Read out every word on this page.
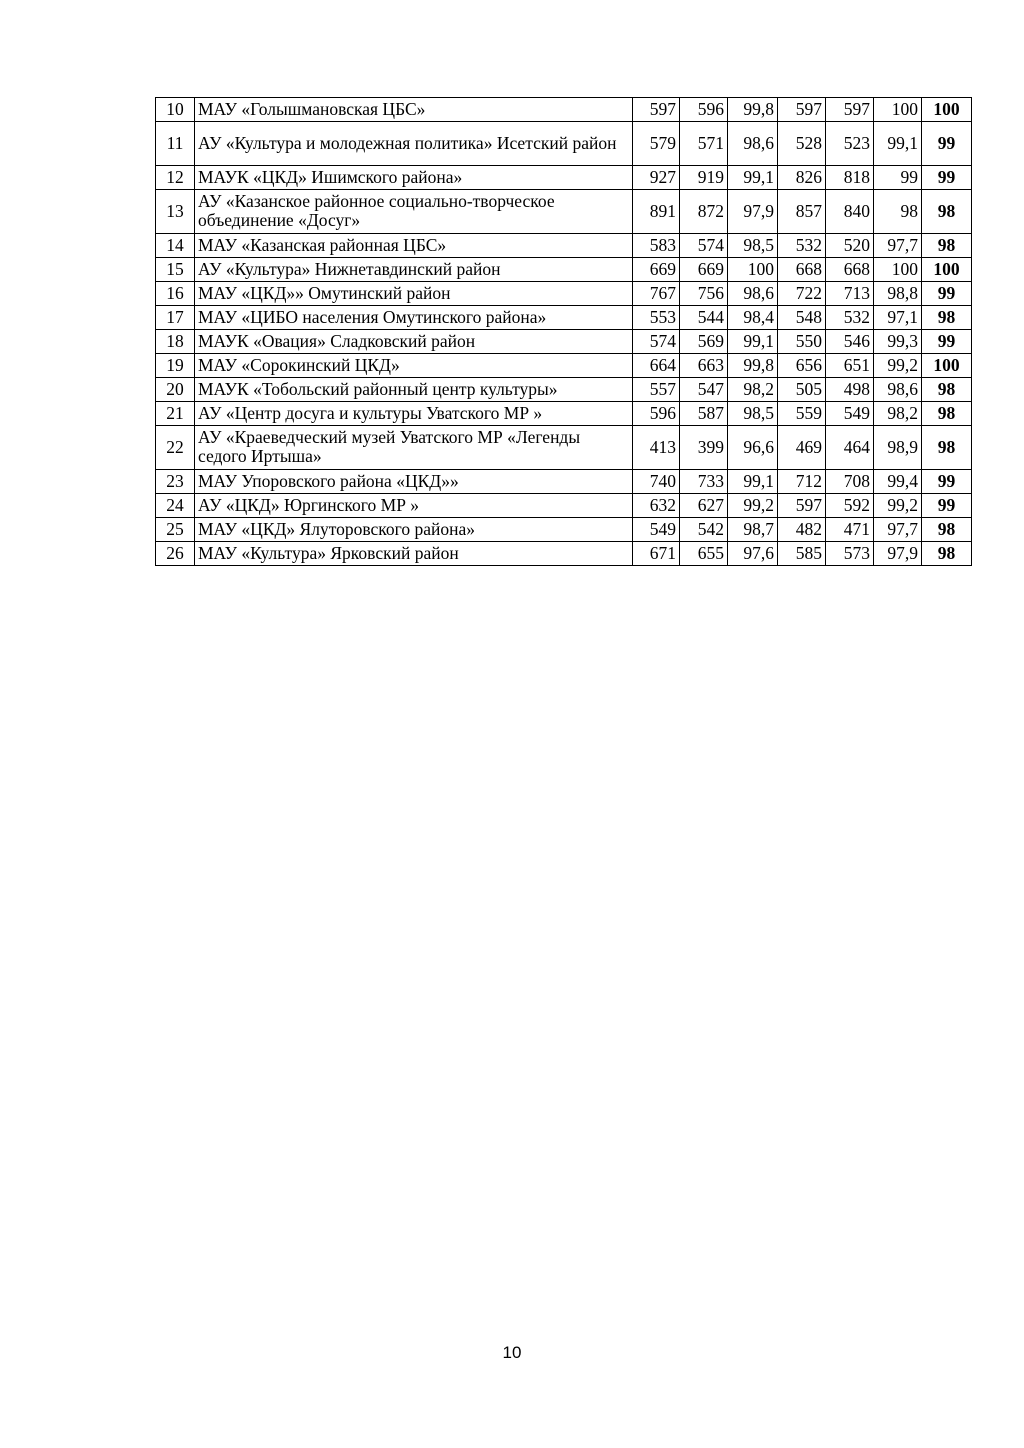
10	МАУ «Голышмановская ЦБС»	597	596	99,8	597	597	100	100
11	АУ «Культура и молодежная политика» Исетский район	579	571	98,6	528	523	99,1	99
12	МАУК «ЦКД» Ишимского района»	927	919	99,1	826	818	99	99
13	АУ «Казанское районное социально-творческое объединение «Досуг»	891	872	97,9	857	840	98	98
14	МАУ «Казанская районная ЦБС»	583	574	98,5	532	520	97,7	98
15	АУ «Культура» Нижнетавдинский район	669	669	100	668	668	100	100
16	МАУ «ЦКД»» Омутинский район	767	756	98,6	722	713	98,8	99
17	МАУ «ЦИБО населения Омутинского района»	553	544	98,4	548	532	97,1	98
18	МАУК «Овация» Сладковский район	574	569	99,1	550	546	99,3	99
19	МАУ «Сорокинский ЦКД»	664	663	99,8	656	651	99,2	100
20	МАУК «Тобольский районный центр культуры»	557	547	98,2	505	498	98,6	98
21	АУ «Центр досуга и культуры Уватского МР »	596	587	98,5	559	549	98,2	98
22	АУ «Краеведческий музей Уватского МР «Легенды седого Иртыша»	413	399	96,6	469	464	98,9	98
23	МАУ Упоровского района «ЦКД»»	740	733	99,1	712	708	99,4	99
24	АУ «ЦКД» Юргинского МР »	632	627	99,2	597	592	99,2	99
25	МАУ «ЦКД» Ялуторовского района»	549	542	98,7	482	471	97,7	98
26	МАУ «Культура» Ярковский район	671	655	97,6	585	573	97,9	98
10
